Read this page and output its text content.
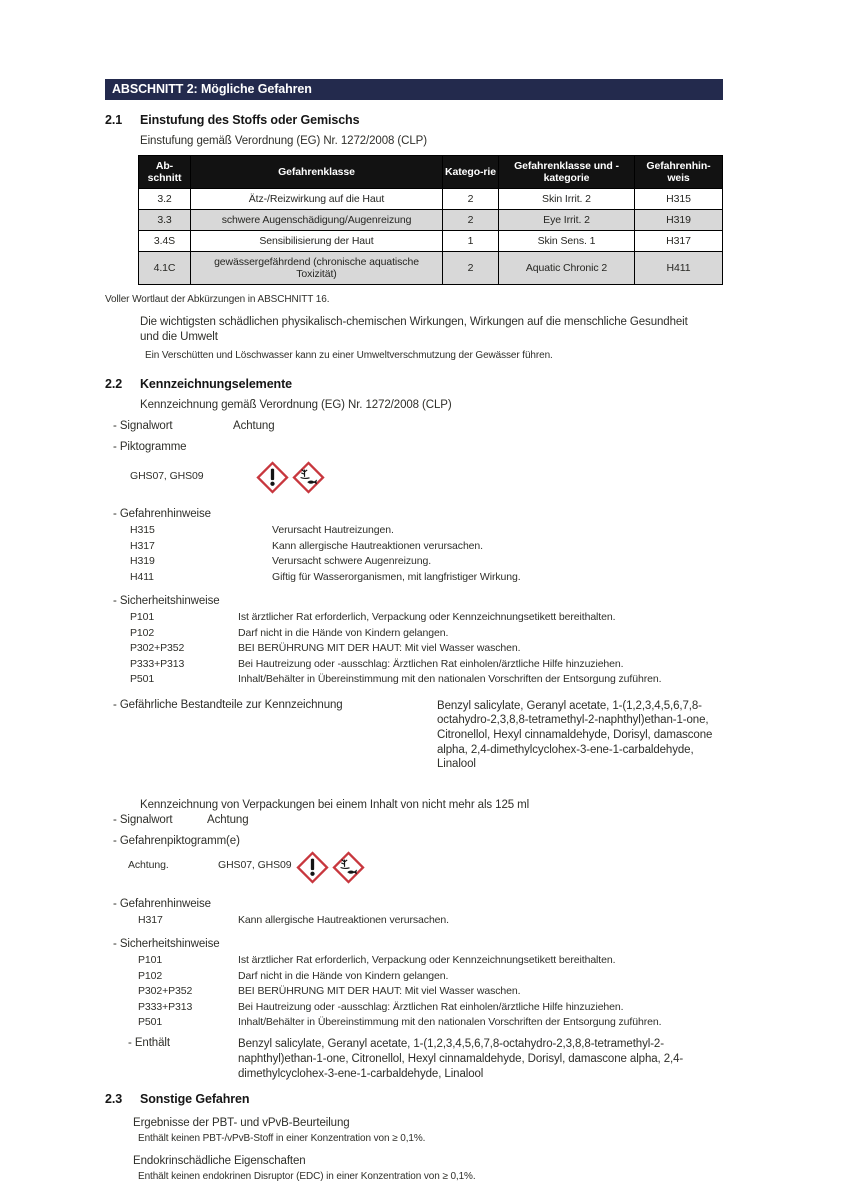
ABSCHNITT 2: Mögliche Gefahren
2.1	Einstufung des Stoffs oder Gemischs
Einstufung gemäß Verordnung (EG) Nr. 1272/2008 (CLP)
Ab-schnitt	Gefahrenklasse	Katego-rie	Gefahrenklasse und -kategorie	Gefahrenhin-weis
3.2	Ätz-/Reizwirkung auf die Haut	2	Skin Irrit. 2	H315
3.3	schwere Augenschädigung/Augenreizung	2	Eye Irrit. 2	H319
3.4S	Sensibilisierung der Haut	1	Skin Sens. 1	H317
4.1C	gewässergefährdend (chronische aquatische Toxizität)	2	Aquatic Chronic 2	H411
Voller Wortlaut der Abkürzungen in ABSCHNITT 16.
Die wichtigsten schädlichen physikalisch-chemischen Wirkungen, Wirkungen auf die menschliche Gesundheit und die Umwelt
Ein Verschütten und Löschwasser kann zu einer Umweltverschmutzung der Gewässer führen.
2.2	Kennzeichnungselemente
Kennzeichnung gemäß Verordnung (EG) Nr. 1272/2008 (CLP)
- Signalwort	Achtung
- Piktogramme
GHS07, GHS09
- Gefahrenhinweise
H315	Verursacht Hautreizungen.
H317	Kann allergische Hautreaktionen verursachen.
H319	Verursacht schwere Augenreizung.
H411	Giftig für Wasserorganismen, mit langfristiger Wirkung.
- Sicherheitshinweise
P101	Ist ärztlicher Rat erforderlich, Verpackung oder Kennzeichnungsetikett bereithalten.
P102	Darf nicht in die Hände von Kindern gelangen.
P302+P352	BEI BERÜHRUNG MIT DER HAUT: Mit viel Wasser waschen.
P333+P313	Bei Hautreizung oder -ausschlag: Ärztlichen Rat einholen/ärztliche Hilfe hinzuziehen.
P501	Inhalt/Behälter in Übereinstimmung mit den nationalen Vorschriften der Entsorgung zuführen.
- Gefährliche Bestandteile zur Kennzeichnung	Benzyl salicylate, Geranyl acetate, 1-(1,2,3,4,5,6,7,8-octahydro-2,3,8,8-tetramethyl-2-naphthyl)ethan-1-one, Citronellol, Hexyl cinnamaldehyde, Dorisyl, damascone alpha, 2,4-dimethylcyclohex-3-ene-1-carbaldehyde, Linalool
Kennzeichnung von Verpackungen bei einem Inhalt von nicht mehr als 125 ml
- Signalwort	Achtung
- Gefahrenpiktogramm(e)
Achtung.	GHS07, GHS09
- Gefahrenhinweise
H317	Kann allergische Hautreaktionen verursachen.
- Sicherheitshinweise
P101	Ist ärztlicher Rat erforderlich, Verpackung oder Kennzeichnungsetikett bereithalten.
P102	Darf nicht in die Hände von Kindern gelangen.
P302+P352	BEI BERÜHRUNG MIT DER HAUT: Mit viel Wasser waschen.
P333+P313	Bei Hautreizung oder -ausschlag: Ärztlichen Rat einholen/ärztliche Hilfe hinzuziehen.
P501	Inhalt/Behälter in Übereinstimmung mit den nationalen Vorschriften der Entsorgung zuführen.
- Enthält	Benzyl salicylate, Geranyl acetate, 1-(1,2,3,4,5,6,7,8-octahydro-2,3,8,8-tetramethyl-2-naphthyl)ethan-1-one, Citronellol, Hexyl cinnamaldehyde, Dorisyl, damascone alpha, 2,4-dimethylcyclohex-3-ene-1-carbaldehyde, Linalool
2.3	Sonstige Gefahren
Ergebnisse der PBT- und vPvB-Beurteilung
Enthält keinen PBT-/vPvB-Stoff in einer Konzentration von ≥ 0,1%.
Endokrinschädliche Eigenschaften
Enthält keinen endokrinen Disruptor (EDC) in einer Konzentration von ≥ 0,1%.
